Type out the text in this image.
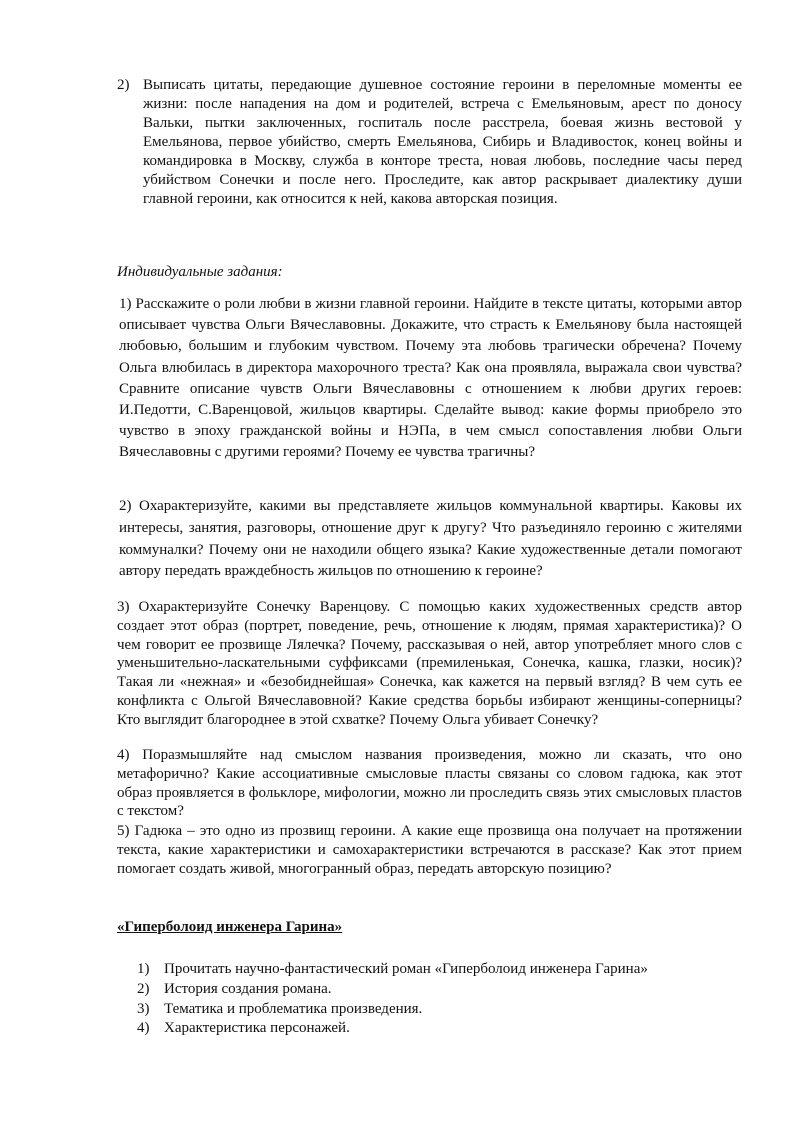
2) Выписать цитаты, передающие душевное состояние героини в переломные моменты ее жизни: после нападения на дом и родителей, встреча с Емельяновым, арест по доносу Вальки, пытки заключенных, госпиталь после расстрела, боевая жизнь вестовой у Емельянова, первое убийство, смерть Емельянова, Сибирь и Владивосток, конец войны и командировка в Москву, служба в конторе треста, новая любовь, последние часы перед убийством Сонечки и после него. Проследите, как автор раскрывает диалектику души главной героини, как относится к ней, какова авторская позиция.
Индивидуальные задания:
1) Расскажите о роли любви в жизни главной героини. Найдите в тексте цитаты, которыми автор описывает чувства Ольги Вячеславовны. Докажите, что страсть к Емельянову была настоящей любовью, большим и глубоким чувством. Почему эта любовь трагически обречена? Почему Ольга влюбилась в директора махорочного треста? Как она проявляла, выражала свои чувства? Сравните описание чувств Ольги Вячеславовны с отношением к любви других героев: И.Педотти, С.Варенцовой, жильцов квартиры. Сделайте вывод: какие формы приобрело это чувство в эпоху гражданской войны и НЭПа, в чем смысл сопоставления любви Ольги Вячеславовны с другими героями? Почему ее чувства трагичны?
2) Охарактеризуйте, какими вы представляете жильцов коммунальной квартиры. Каковы их интересы, занятия, разговоры, отношение друг к другу? Что разъединяло героиню с жителями коммуналки? Почему они не находили общего языка? Какие художественные детали помогают автору передать враждебность жильцов по отношению к героине?
3) Охарактеризуйте Сонечку Варенцову. С помощью каких художественных средств автор создает этот образ (портрет, поведение, речь, отношение к людям, прямая характеристика)? О чем говорит ее прозвище Лялечка? Почему, рассказывая о ней, автор употребляет много слов с уменьшительно-ласкательными суффиксами (премиленькая, Сонечка, кашка, глазки, носик)? Такая ли «нежная» и «безобиднейшая» Сонечка, как кажется на первый взгляд? В чем суть ее конфликта с Ольгой Вячеславовной? Какие средства борьбы избирают женщины-соперницы? Кто выглядит благороднее в этой схватке? Почему Ольга убивает Сонечку?
4) Поразмышляйте над смыслом названия произведения, можно ли сказать, что оно метафорично? Какие ассоциативные смысловые пласты связаны со словом гадюка, как этот образ проявляется в фольклоре, мифологии, можно ли проследить связь этих смысловых пластов с текстом?
5) Гадюка – это одно из прозвищ героини. А какие еще прозвища она получает на протяжении текста, какие характеристики и самохарактеристики встречаются в рассказе? Как этот прием помогает создать живой, многогранный образ, передать авторскую позицию?
«Гиперболоид инженера Гарина»
1) Прочитать научно-фантастический роман «Гиперболоид инженера Гарина»
2) История создания романа.
3) Тематика и проблематика произведения.
4) Характеристика персонажей.
